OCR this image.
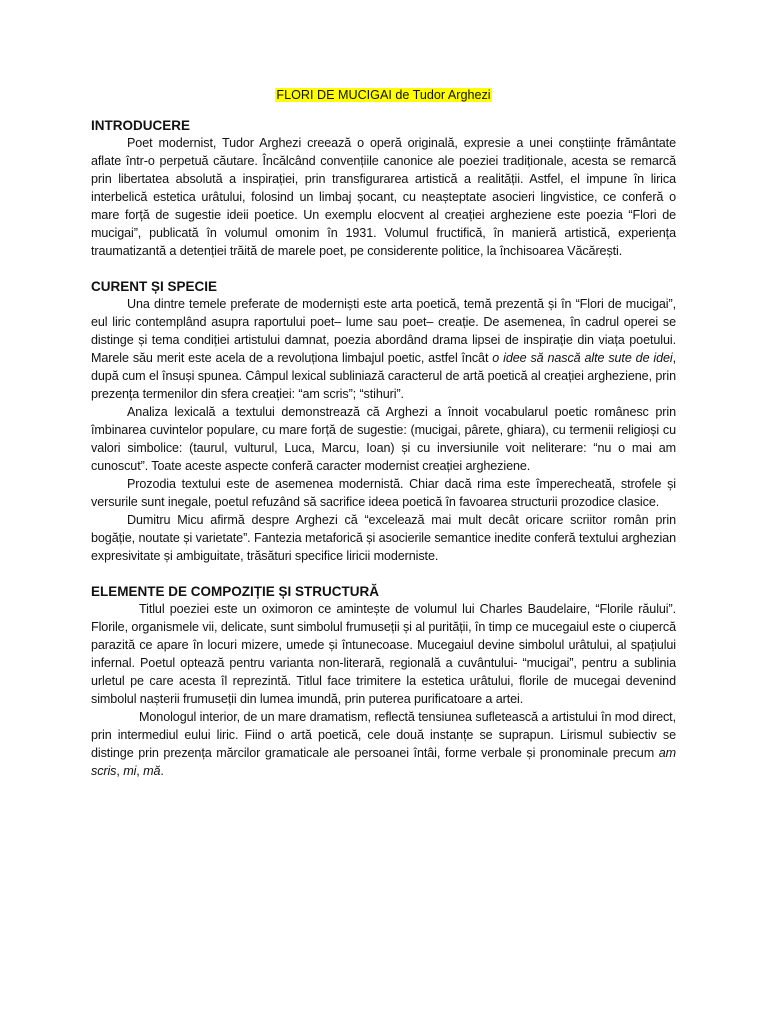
FLORI DE MUCIGAI de Tudor Arghezi

INTRODUCERE

Poet modernist, Tudor Arghezi creează o operă originală, expresie a unei conștiințe frământate aflate într-o perpetuă căutare. Încălcând convențiile canonice ale poeziei tradiționale, acesta se remarcă prin libertatea absolută a inspirației, prin transfigurarea artistică a realității. Astfel, el impune în lirica interbelică estetica urâtului, folosind un limbaj șocant, cu neașteptate asocieri lingvistice, ce conferă o mare forță de sugestie ideii poetice. Un exemplu elocvent al creației argheziene este poezia “Flori de mucigai”, publicată în volumul omonim în 1931. Volumul fructifică, în manieră artistică, experiența traumatizantă a detenției trăită de marele poet, pe considerente politice, la închisoarea Văcărești.

CURENT ȘI SPECIE

Una dintre temele preferate de moderniști este arta poetică, temă prezentă și în “Flori de mucigai”, eul liric contemplând asupra raportului poet– lume sau poet– creație. De asemenea, în cadrul operei se distinge și tema condiției artistului damnat, poezia abordând drama lipsei de inspirație din viața poetului. Marele său merit este acela de a revoluționa limbajul poetic, astfel încât o idee să nască alte sute de idei, după cum el însuși spunea. Câmpul lexical subliniază caracterul de artă poetică al creației argheziene, prin prezența termenilor din sfera creației: “am scris”; “stihuri”.

Analiza lexicală a textului demonstrează că Arghezi a înnoit vocabularul poetic românesc prin îmbinarea cuvintelor populare, cu mare forță de sugestie: (mucigai, pârete, ghiara), cu termenii religioși cu valori simbolice: (taurul, vulturul, Luca, Marcu, Ioan) și cu inversiunile voit neliterare: “nu o mai am cunoscut”. Toate aceste aspecte conferă caracter modernist creației argheziene.

Prozodia textului este de asemenea modernistă. Chiar dacă rima este împerecheată, strofele și versurile sunt inegale, poetul refuzând să sacrifice ideea poetică în favoarea structurii prozodice clasice.

Dumitru Micu afirmă despre Arghezi că “excelează mai mult decât oricare scriitor român prin bogăție, noutate și varietate”. Fantezia metaforică și asocierile semantice inedite conferă textului arghezian expresivitate și ambiguitate, trăsături specifice liricii moderniste.

ELEMENTE DE COMPOZIȚIE ȘI STRUCTURĂ

Titlul poeziei este un oximoron ce amintește de volumul lui Charles Baudelaire, “Florile răului”. Florile, organismele vii, delicate, sunt simbolul frumuseții și al purității, în timp ce mucegaiul este o ciupercă parazită ce apare în locuri mizere, umede și întunecoase. Mucegaiul devine simbolul urâtului, al spațiului infernal. Poetul optează pentru varianta non-literară, regională a cuvântului- “mucigai”, pentru a sublinia urletul pe care acesta îl reprezintă. Titlul face trimitere la estetica urâtului, florile de mucegai devenind simbolul nașterii frumuseții din lumea imundă, prin puterea purificatoare a artei.

Monologul interior, de un mare dramatism, reflectă tensiunea sufletească a artistului în mod direct, prin intermediul eului liric. Fiind o artă poetică, cele două instanțe se suprapun. Lirismul subiectiv se distinge prin prezența mărcilor gramaticale ale persoanei întâi, forme verbale și pronominale precum am scris, mi, mă.
